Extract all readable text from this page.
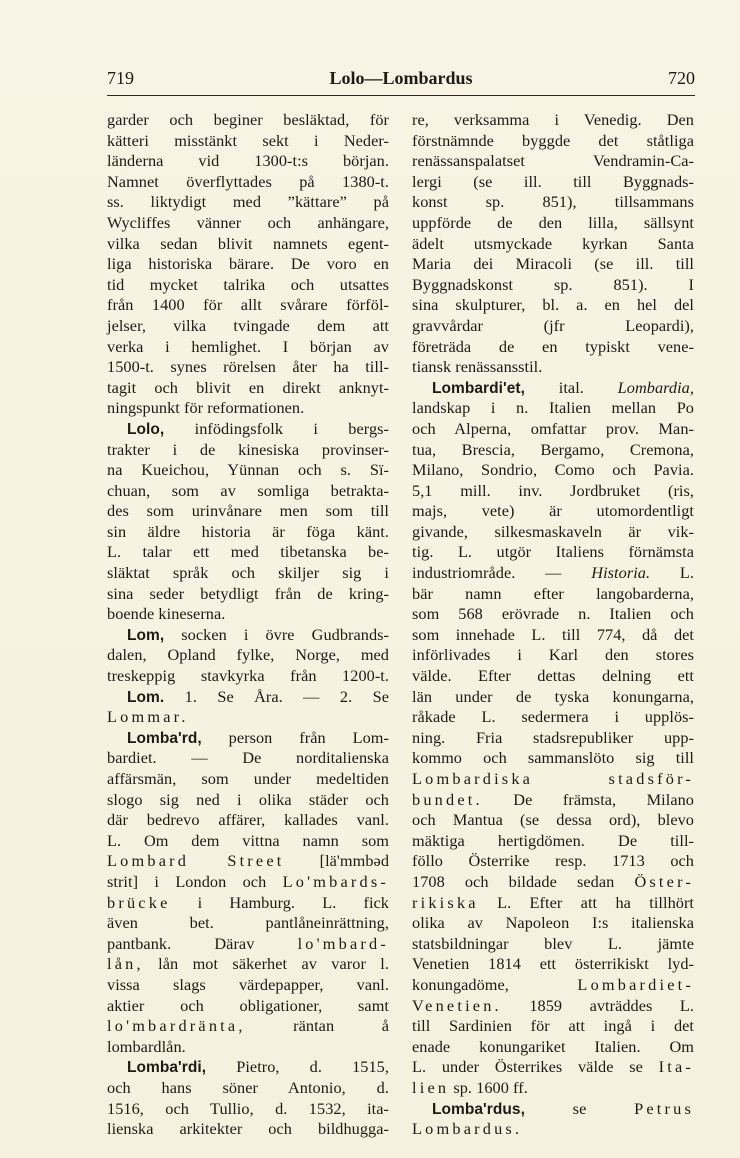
719	Lolo—Lombardus	720
garder och beginer besläktad, för
kätteri misstänkt sekt i Neder-
länderna vid 1300-t:s början.
Namnet överflyttades på 1380-t.
ss. liktydigt med ”kättare” på
Wycliffes vänner och anhängare,
vilka sedan blivit namnets egent-
liga historiska bärare. De voro en
tid mycket talrika och utsattes
från 1400 för allt svårare förföl-
jelser, vilka tvingade dem att
verka i hemlighet. I början av
1500-t. synes rörelsen åter ha till-
tagit och blivit en direkt anknyt-
ningspunkt för reformationen.
Lolo, infödingsfolk i bergs-
trakter i de kinesiska provinser-
na Kueichou, Yünnan och s. Sï-
chuan, som av somliga betrakta-
des som urinvånare men som till
sin äldre historia är föga känt.
L. talar ett med tibetanska be-
släktat språk och skiljer sig i
sina seder betydligt från de kring-
boende kineserna.
Lom, socken i övre Gudbrands-
dalen, Opland fylke, Norge, med
treskeppig stavkyrka från 1200-t.
Lom. 1. Se Åra. — 2. Se
Lommar.
Lomba'rd, person från Lom-
bardiet. — De norditalienska
affärsmän, som under medeltiden
slogo sig ned i olika städer och
där bedrevo affärer, kallades vanl.
L. Om dem vittna namn som
Lombard Street [lä'mmbəd
strit] i London och Lo'mbards-
brücke i Hamburg. L. fick
även bet. pantlåneinrättning,
pantbank. Därav lo'mbard-
lån, lån mot säkerhet av varor l.
vissa slags värdepapper, vanl.
aktier och obligationer, samt
lo'mbardränta, räntan å
lombardlån.
Lomba'rdi, Pietro, d. 1515,
och hans söner Antonio, d.
1516, och Tullio, d. 1532, ita-
lienska arkitekter och bildhugga-
re, verksamma i Venedig. Den
förstnämnde byggde det ståtliga
renässanspalatset Vendramin-Ca-
lergi (se ill. till Byggnads-
konst sp. 851), tillsammans
uppförde de den lilla, sällsynt
ädelt utsmyckade kyrkan Santa
Maria dei Miracoli (se ill. till
Byggnadskonst sp. 851). I
sina skulpturer, bl. a. en hel del
gravvårdar (jfr Leopardi),
företräda de en typiskt vene-
tiansk renässansstil.
Lombardi'et, ital. Lombardia,
landskap i n. Italien mellan Po
och Alperna, omfattar prov. Man-
tua, Brescia, Bergamo, Cremona,
Milano, Sondrio, Como och Pavia.
5,1 mill. inv. Jordbruket (ris,
majs, vete) är utomordentligt
givande, silkesmaskaveln är vik-
tig. L. utgör Italiens förnämsta
industriområde. — Historia. L.
bär namn efter langobarderna,
som 568 erövrade n. Italien och
som innehade L. till 774, då det
införlivades i Karl den stores
välde. Efter dettas delning ett
län under de tyska konungarna,
råkade L. sedermera i upplös-
ning. Fria stadsrepubliker upp-
kommo och sammanslöto sig till
Lombardiska stadsför-
bundet. De främsta, Milano
och Mantua (se dessa ord), blevo
mäktiga hertigdömen. De till-
föllo Österrike resp. 1713 och
1708 och bildade sedan Öster-
rikiska L. Efter att ha tillhört
olika av Napoleon I:s italienska
statsbildningar blev L. jämte
Venetien 1814 ett österrikiskt lyd-
konungadöme, Lombardiet-
Venetien. 1859 avträddes L.
till Sardinien för att ingå i det
enade konungariket Italien. Om
L. under Österrikes välde se Ita-
lien sp. 1600 ff.
Lomba'rdus, se Petrus
Lombardus.
